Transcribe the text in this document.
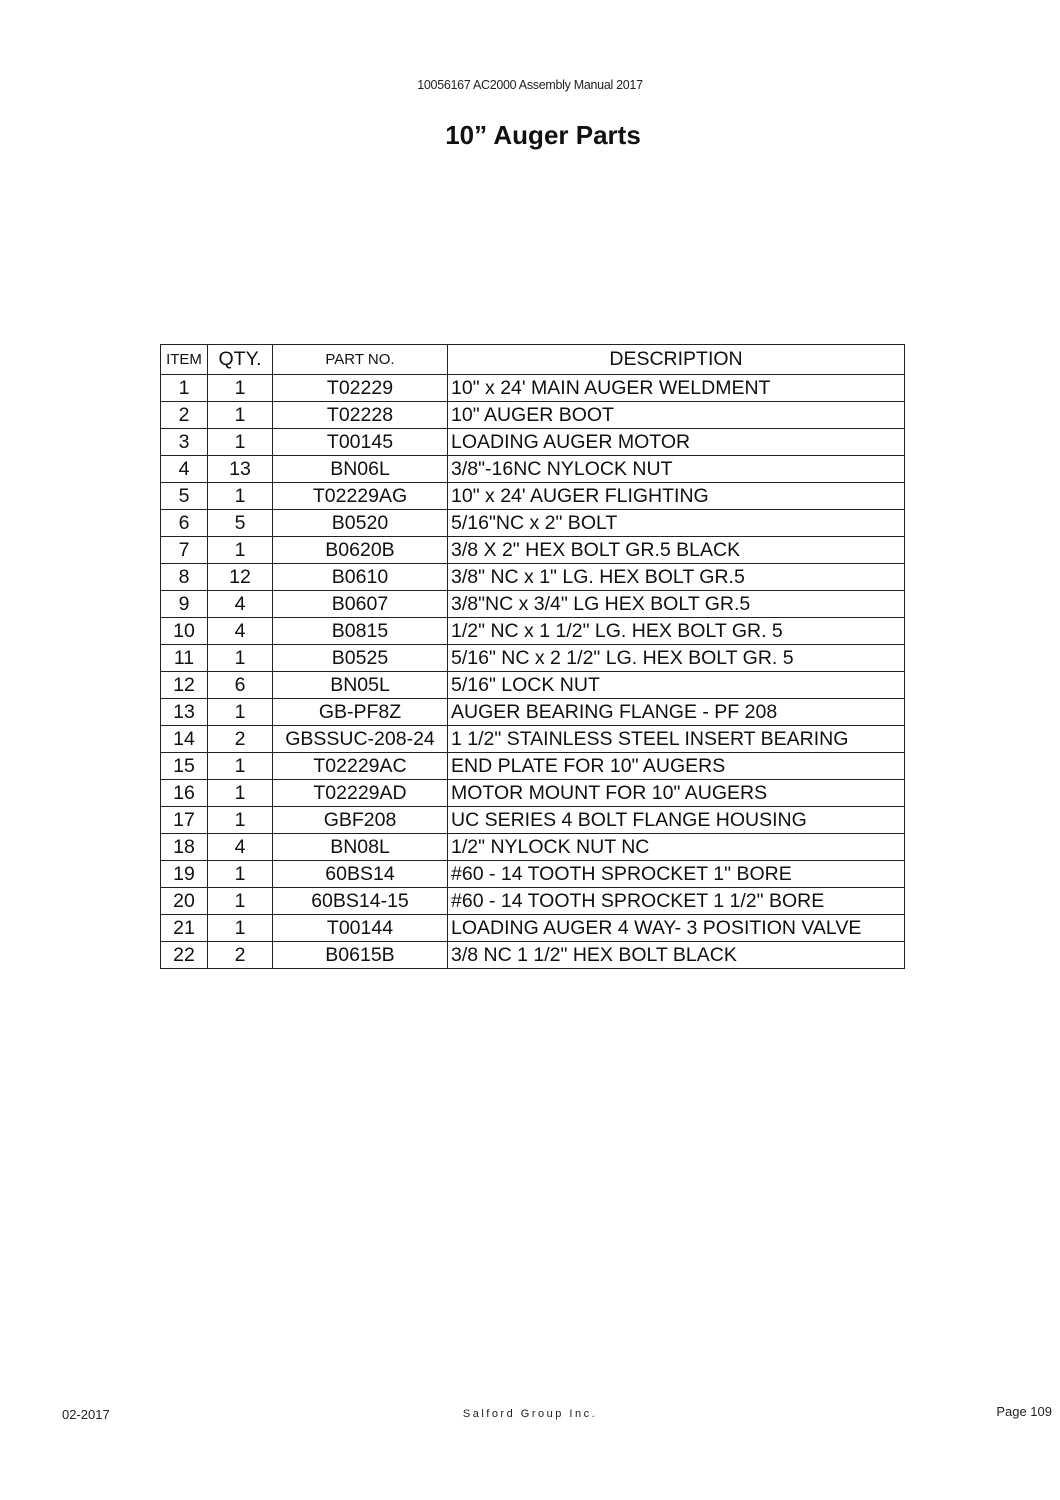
10056167 AC2000 Assembly Manual 2017
10” Auger Parts
ITEM	QTY.	PART NO.	DESCRIPTION
1	1	T02229	10" x 24' MAIN AUGER WELDMENT
2	1	T02228	10" AUGER BOOT
3	1	T00145	LOADING AUGER MOTOR
4	13	BN06L	3/8"-16NC NYLOCK NUT
5	1	T02229AG	10" x 24' AUGER FLIGHTING
6	5	B0520	5/16"NC x 2" BOLT
7	1	B0620B	3/8 X 2" HEX BOLT GR.5 BLACK
8	12	B0610	3/8" NC x 1" LG. HEX BOLT GR.5
9	4	B0607	3/8"NC x 3/4" LG HEX BOLT GR.5
10	4	B0815	1/2" NC x 1 1/2" LG. HEX BOLT GR. 5
11	1	B0525	5/16" NC x 2 1/2" LG. HEX BOLT GR. 5
12	6	BN05L	5/16" LOCK NUT
13	1	GB-PF8Z	AUGER BEARING FLANGE - PF 208
14	2	GBSSUC-208-24	1 1/2" STAINLESS STEEL INSERT BEARING
15	1	T02229AC	END PLATE FOR 10" AUGERS
16	1	T02229AD	MOTOR MOUNT FOR 10" AUGERS
17	1	GBF208	UC SERIES 4 BOLT FLANGE HOUSING
18	4	BN08L	1/2" NYLOCK NUT NC
19	1	60BS14	#60 - 14 TOOTH SPROCKET 1" BORE
20	1	60BS14-15	#60 - 14 TOOTH SPROCKET 1 1/2" BORE
21	1	T00144	LOADING AUGER 4 WAY- 3 POSITION VALVE
22	2	B0615B	3/8 NC 1 1/2" HEX BOLT BLACK
02-2017	Salford Group Inc.	Page 109
